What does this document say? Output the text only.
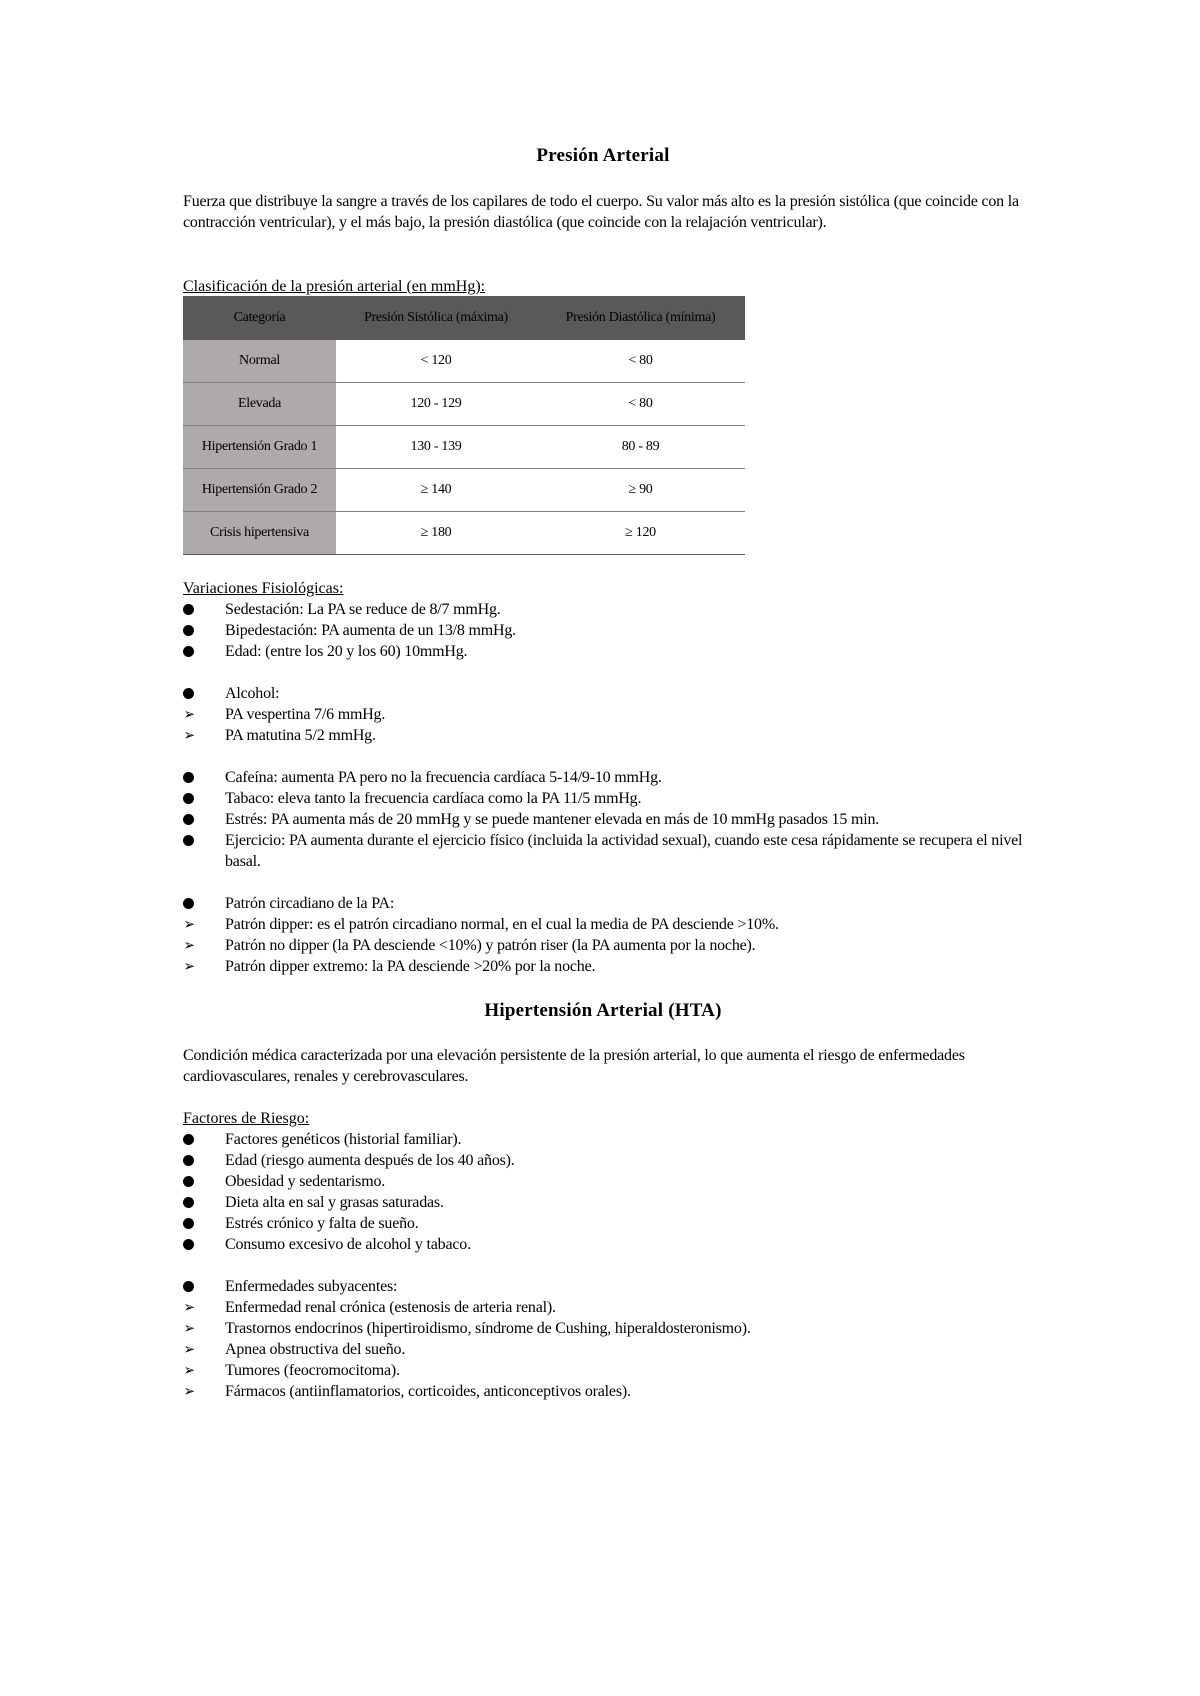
Presión Arterial

Fuerza que distribuye la sangre a través de los capilares de todo el cuerpo. Su valor más alto es la presión sistólica (que coincide con la contracción ventricular), y el más bajo, la presión diastólica (que coincide con la relajación ventricular).

Clasificación de la presión arterial (en mmHg):

Categoría	Presión Sistólica (máxima)	Presión Diastólica (mínima)
Normal	< 120	< 80
Elevada	120 - 129	< 80
Hipertensión Grado 1	130 - 139	80 - 89
Hipertensión Grado 2	≥ 140	≥ 90
Crisis hipertensiva	≥ 180	≥ 120

Variaciones Fisiológicas:

Sedestación: La PA se reduce de 8/7 mmHg.
Bipedestación: PA aumenta de un 13/8 mmHg.
Edad: (entre los 20 y los 60) 10mmHg.
Alcohol:
➢	PA vespertina 7/6 mmHg.
➢	PA matutina 5/2 mmHg.
Cafeína: aumenta PA pero no la frecuencia cardíaca 5-14/9-10 mmHg.
Tabaco: eleva tanto la frecuencia cardíaca como la PA 11/5 mmHg.
Estrés: PA aumenta más de 20 mmHg y se puede mantener elevada en más de 10 mmHg pasados 15 min.
Ejercicio: PA aumenta durante el ejercicio físico (incluida la actividad sexual), cuando este cesa rápidamente se recupera el nivel basal.
Patrón circadiano de la PA:
➢	Patrón dipper: es el patrón circadiano normal, en el cual la media de PA desciende >10%.
➢	Patrón no dipper (la PA desciende <10%) y patrón riser (la PA aumenta por la noche).
➢	Patrón dipper extremo: la PA desciende >20% por la noche.
Hipertensión Arterial (HTA)

Condición médica caracterizada por una elevación persistente de la presión arterial, lo que aumenta el riesgo de enfermedades cardiovasculares, renales y cerebrovasculares.

Factores de Riesgo:

Factores genéticos (historial familiar).
Edad (riesgo aumenta después de los 40 años).
Obesidad y sedentarismo.
Dieta alta en sal y grasas saturadas.
Estrés crónico y falta de sueño.
Consumo excesivo de alcohol y tabaco.
Enfermedades subyacentes:
➢	Enfermedad renal crónica (estenosis de arteria renal).
➢	Trastornos endocrinos (hipertiroidismo, síndrome de Cushing, hiperaldosteronismo).
➢	Apnea obstructiva del sueño.
➢	Tumores (feocromocitoma).
➢	Fármacos (antiinflamatorios, corticoides, anticonceptivos orales).
